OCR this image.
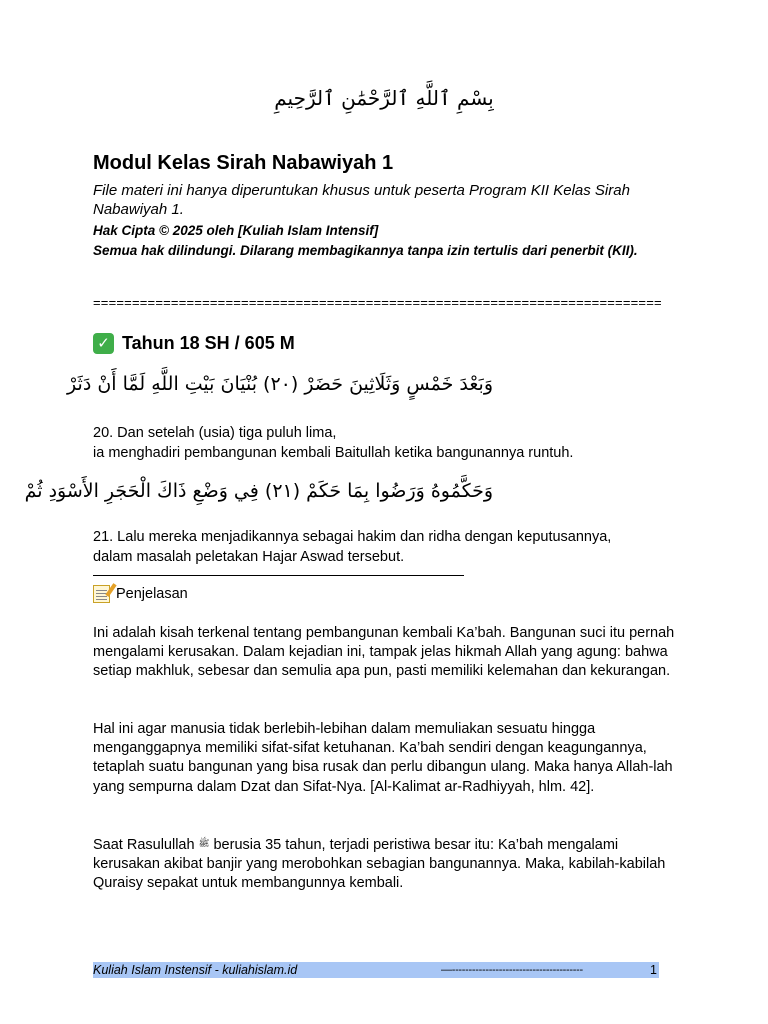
بِسْمِ ٱللَّهِ ٱلرَّحْمَٰنِ ٱلرَّحِيمِ
Modul Kelas Sirah Nabawiyah 1
File materi ini hanya diperuntukan khusus untuk peserta Program KII Kelas Sirah Nabawiyah 1.
Hak Cipta © 2025 oleh [Kuliah Islam Intensif]
Semua hak dilindungi. Dilarang membagikannya tanpa izin tertulis dari penerbit (KII).
=========================================================================
✓ Tahun 18 SH / 605 M
وَبَعْدَ خَمْسٍ وَثَلَاثِينَ حَضَرْ (٢٠) بُنْيَانَ بَيْتِ اللَّهِ لَمَّا أَنْ دَثَرْ
20. Dan setelah (usia) tiga puluh lima,
ia menghadiri pembangunan kembali Baitullah ketika bangunannya runtuh.
وَحَكَّمُوهُ وَرَضُوا بِمَا حَكَمْ (٢١) فِي وَضْعِ ذَاكَ الْحَجَرِ الأَسْوَدِ ثُمْ
21. Lalu mereka menjadikannya sebagai hakim dan ridha dengan keputusannya,
dalam masalah peletakan Hajar Aswad tersebut.
Penjelasan
Ini adalah kisah terkenal tentang pembangunan kembali Ka’bah. Bangunan suci itu pernah mengalami kerusakan. Dalam kejadian ini, tampak jelas hikmah Allah yang agung: bahwa setiap makhluk, sebesar dan semulia apa pun, pasti memiliki kelemahan dan kekurangan.
Hal ini agar manusia tidak berlebih-lebihan dalam memuliakan sesuatu hingga menganggapnya memiliki sifat-sifat ketuhanan. Ka’bah sendiri dengan keagungannya, tetaplah suatu bangunan yang bisa rusak dan perlu dibangun ulang. Maka hanya Allah-lah yang sempurna dalam Dzat dan Sifat-Nya. [Al-Kalimat ar-Radhiyyah, hlm. 42].
Saat Rasulullah $^ﷺ$ berusia 35 tahun, terjadi peristiwa besar itu: Ka’bah mengalami kerusakan akibat banjir yang merobohkan sebagian bangunannya. Maka, kabilah-kabilah Quraisy sepakat untuk membangunnya kembali.
Kuliah Islam Instensif - kuliahislam.id	—---------------------------------------	1
